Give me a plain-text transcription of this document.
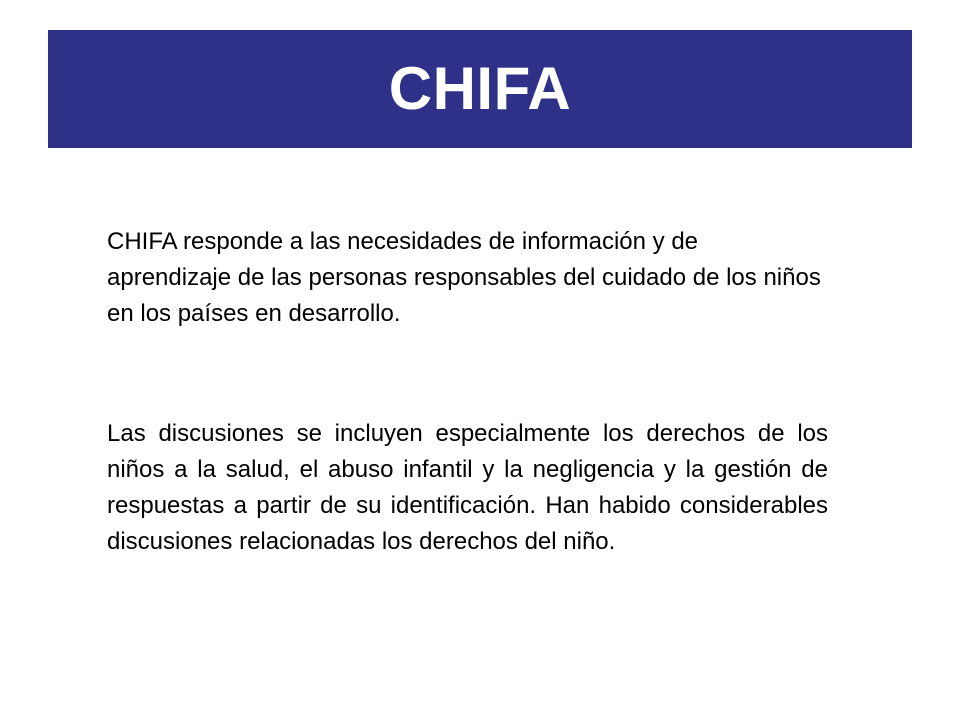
CHIFA

CHIFA responde a las necesidades de información y de aprendizaje de las personas responsables del cuidado de los niños en los países en desarrollo.

Las discusiones se incluyen especialmente los derechos de los niños a la salud, el abuso infantil y la negligencia y la gestión de respuestas a partir de su identificación. Han habido considerables discusiones relacionadas los derechos del niño.
